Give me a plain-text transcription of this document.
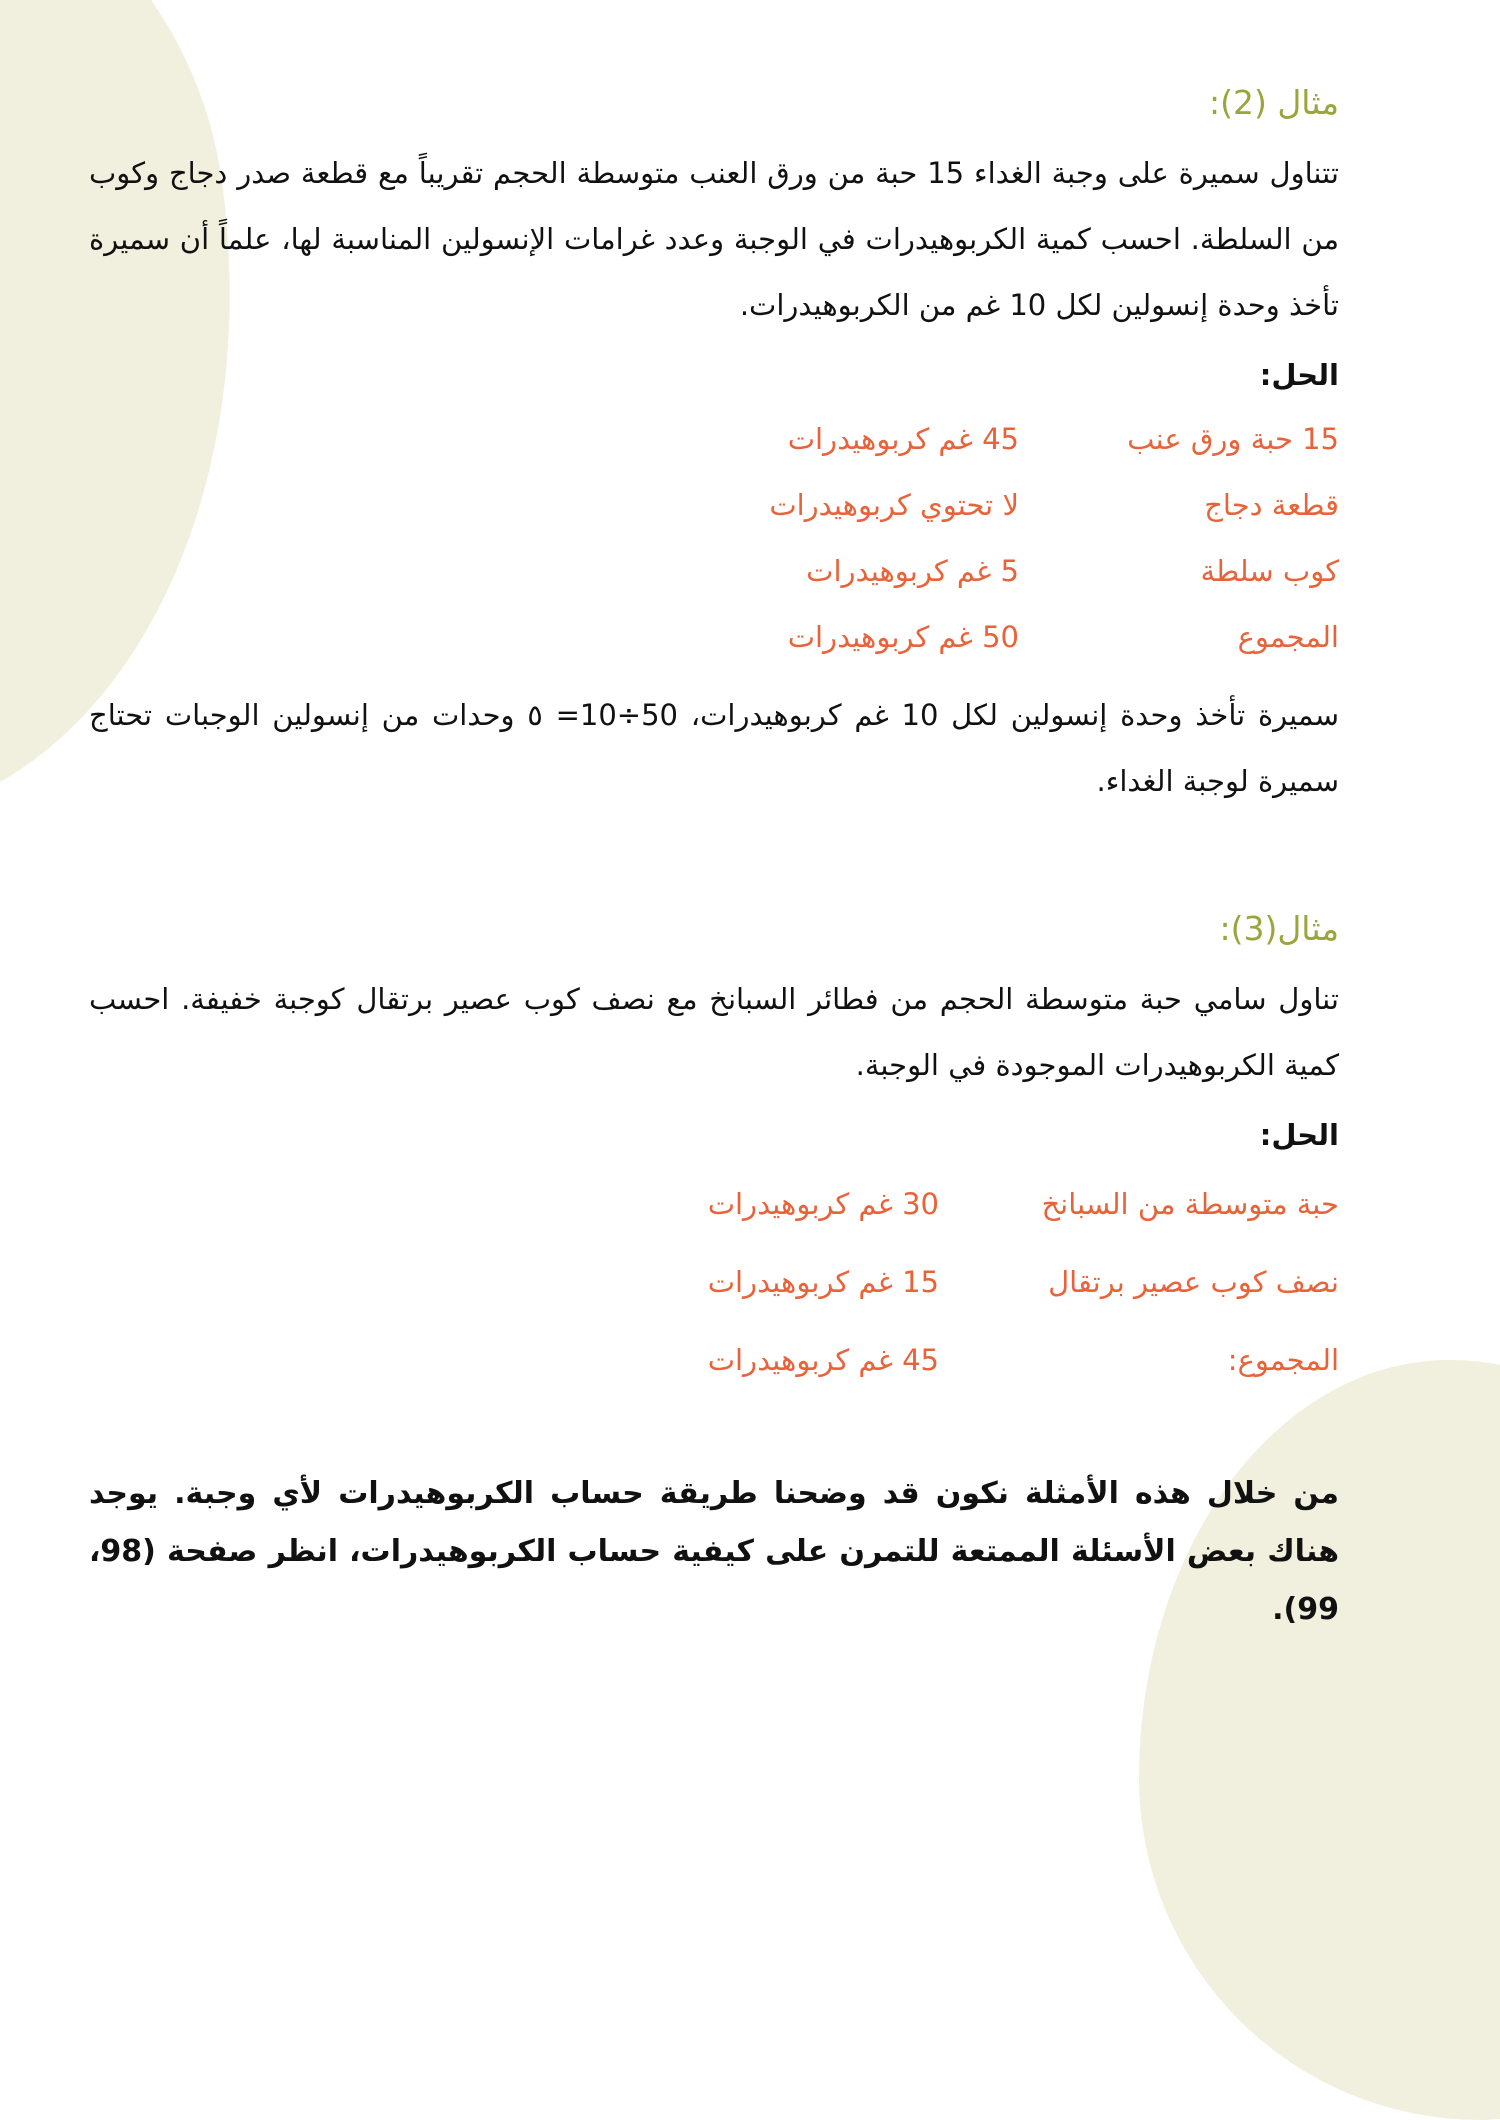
مثال (2):

تتناول سميرة على وجبة الغداء 15 حبة من ورق العنب متوسطة الحجم تقريباً مع قطعة صدر دجاج وكوب من السلطة. احسب كمية الكربوهيدرات في الوجبة وعدد غرامات الإنسولين المناسبة لها، علماً أن سميرة تأخذ وحدة إنسولين لكل 10 غم من الكربوهيدرات.

الحل:
15 حبة ورق عنب
45 غم كربوهيدرات
قطعة دجاج
لا تحتوي كربوهيدرات
كوب سلطة
5 غم كربوهيدرات
المجموع
50 غم كربوهيدرات

سميرة تأخذ وحدة إنسولين لكل 10 غم كربوهيدرات، 50÷10= ٥ وحدات من إنسولين الوجبات تحتاج سميرة لوجبة الغداء.

مثال(3):

تناول سامي حبة متوسطة الحجم من فطائر السبانخ مع نصف كوب عصير برتقال كوجبة خفيفة. احسب كمية الكربوهيدرات الموجودة في الوجبة.

الحل:
حبة متوسطة من السبانخ
30 غم كربوهيدرات
نصف كوب عصير برتقال
15 غم كربوهيدرات
المجموع:
45 غم كربوهيدرات

من خلال هذه الأمثلة نكون قد وضحنا طريقة حساب الكربوهيدرات لأي وجبة. يوجد هناك بعض الأسئلة الممتعة للتمرن على كيفية حساب الكربوهيدرات، انظر صفحة (98، 99).
